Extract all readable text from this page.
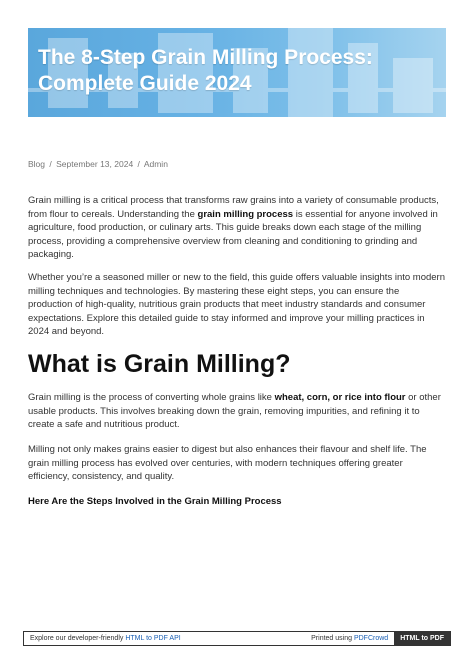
The 8-Step Grain Milling Process:
Complete Guide 2024
Blog / September 13, 2024 / Admin

Grain milling is a critical process that transforms raw grains into a variety of consumable products, from flour to cereals. Understanding the grain milling process is essential for anyone involved in agriculture, food production, or culinary arts. This guide breaks down each stage of the milling process, providing a comprehensive overview from cleaning and conditioning to grinding and packaging.

Whether you’re a seasoned miller or new to the field, this guide offers valuable insights into modern milling techniques and technologies. By mastering these eight steps, you can ensure the production of high-quality, nutritious grain products that meet industry standards and consumer expectations. Explore this detailed guide to stay informed and improve your milling practices in 2024 and beyond.

What is Grain Milling?

Grain milling is the process of converting whole grains like wheat, corn, or rice into flour or other usable products. This involves breaking down the grain, removing impurities, and refining it to create a safe and nutritious product.

Milling not only makes grains easier to digest but also enhances their flavour and shelf life. The grain milling process has evolved over centuries, with modern techniques offering greater efficiency, consistency, and quality.

Here Are the Steps Involved in the Grain Milling Process

Explore our developer-friendly HTML to PDF API	Printed using PDFCrowd	HTML to PDF
